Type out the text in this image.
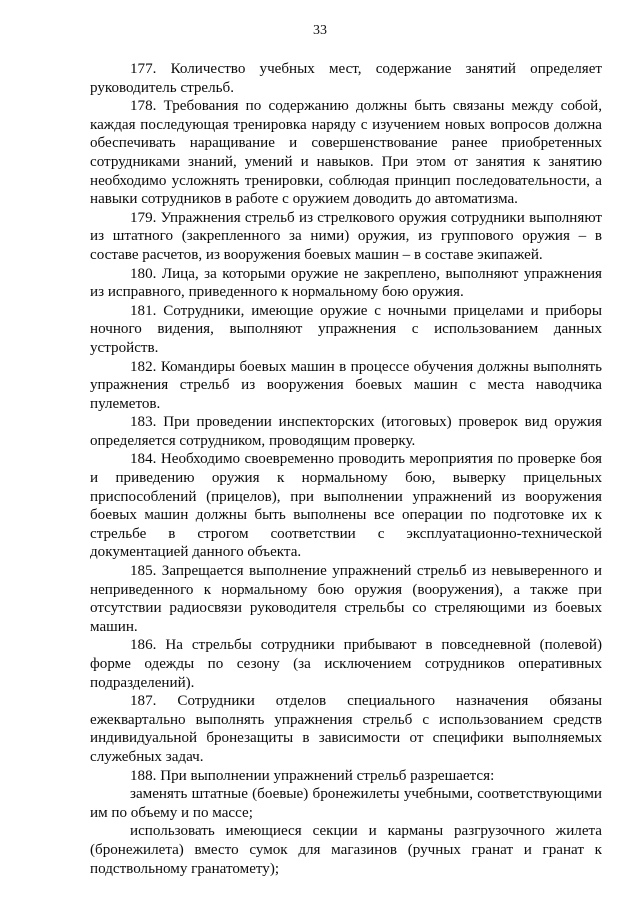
33

177. Количество учебных мест, содержание занятий определяет руководитель стрельб.

178. Требования по содержанию должны быть связаны между собой, каждая последующая тренировка наряду с изучением новых вопросов должна обеспечивать наращивание и совершенствование ранее приобретенных сотрудниками знаний, умений и навыков. При этом от занятия к занятию необходимо усложнять тренировки, соблюдая принцип последовательности, а навыки сотрудников в работе с оружием доводить до автоматизма.

179. Упражнения стрельб из стрелкового оружия сотрудники выполняют из штатного (закрепленного за ними) оружия, из группового оружия – в составе расчетов, из вооружения боевых машин – в составе экипажей.

180. Лица, за которыми оружие не закреплено, выполняют упражнения из исправного, приведенного к нормальному бою оружия.

181. Сотрудники, имеющие оружие с ночными прицелами и приборы ночного видения, выполняют упражнения с использованием данных устройств.

182. Командиры боевых машин в процессе обучения должны выполнять упражнения стрельб из вооружения боевых машин с места наводчика пулеметов.

183. При проведении инспекторских (итоговых) проверок вид оружия определяется сотрудником, проводящим проверку.

184. Необходимо своевременно проводить мероприятия по проверке боя и приведению оружия к нормальному бою, выверку прицельных приспособлений (прицелов), при выполнении упражнений из вооружения боевых машин должны быть выполнены все операции по подготовке их к стрельбе в строгом соответствии с эксплуатационно-технической документацией данного объекта.

185. Запрещается выполнение упражнений стрельб из невыверенного и неприведенного к нормальному бою оружия (вооружения), а также при отсутствии радиосвязи руководителя стрельбы со стреляющими из боевых машин.

186. На стрельбы сотрудники прибывают в повседневной (полевой) форме одежды по сезону (за исключением сотрудников оперативных подразделений).

187. Сотрудники отделов специального назначения обязаны ежеквартально выполнять упражнения стрельб с использованием средств индивидуальной бронезащиты в зависимости от специфики выполняемых служебных задач.

188. При выполнении упражнений стрельб разрешается:

заменять штатные (боевые) бронежилеты учебными, соответствующими им по объему и по массе;

использовать имеющиеся секции и карманы разгрузочного жилета (бронежилета) вместо сумок для магазинов (ручных гранат и гранат к подствольному гранатомету);
